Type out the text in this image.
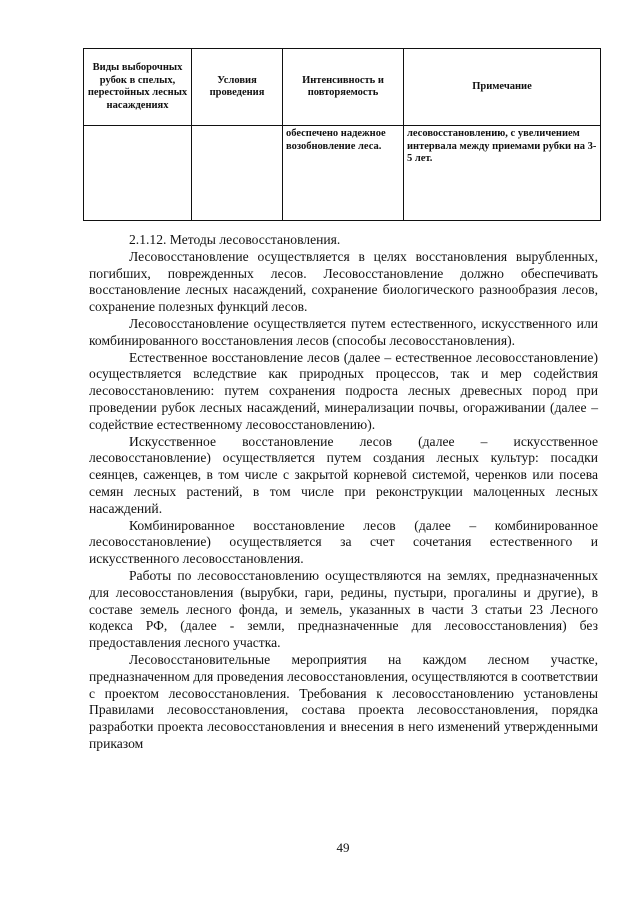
Виды выборочных рубок в спелых, перестойных лесных насаждениях	Условия проведения	Интенсивность и повторяемость	Примечание
		обеспечено надежное возобновление леса.	лесовосстановлению, с увеличением интервала между приемами рубки на 3-5 лет.

2.1.12. Методы лесовосстановления.

Лесовосстановление осуществляется в целях восстановления вырубленных, погибших, поврежденных лесов. Лесовосстановление должно обеспечивать восстановление лесных насаждений, сохранение биологического разнообразия лесов, сохранение полезных функций лесов.

Лесовосстановление осуществляется путем естественного, искусственного или комбинированного восстановления лесов (способы лесовосстановления).

Естественное восстановление лесов (далее – естественное лесовосстановление) осуществляется вследствие как природных процессов, так и мер содействия лесовосстановлению: путем сохранения подроста лесных древесных пород при проведении рубок лесных насаждений, минерализации почвы, огораживании (далее – содействие естественному лесовосстановлению).

Искусственное восстановление лесов (далее – искусственное лесовосстановление) осуществляется путем создания лесных культур: посадки сеянцев, саженцев, в том числе с закрытой корневой системой, черенков или посева семян лесных растений, в том числе при реконструкции малоценных лесных насаждений.

Комбинированное восстановление лесов (далее – комбинированное лесовосстановление) осуществляется за счет сочетания естественного и искусственного лесовосстановления.

Работы по лесовосстановлению осуществляются на землях, предназначенных для лесовосстановления (вырубки, гари, редины, пустыри, прогалины и другие), в составе земель лесного фонда, и земель, указанных в части 3 статьи 23 Лесного кодекса РФ, (далее - земли, предназначенные для лесовосстановления) без предоставления лесного участка.

Лесовосстановительные мероприятия на каждом лесном участке, предназначенном для проведения лесовосстановления, осуществляются в соответствии с проектом лесовосстановления. Требования к лесовосстановлению установлены Правилами лесовосстановления, состава проекта лесовосстановления, порядка разработки проекта лесовосстановления и внесения в него изменений утвержденными приказом

49
